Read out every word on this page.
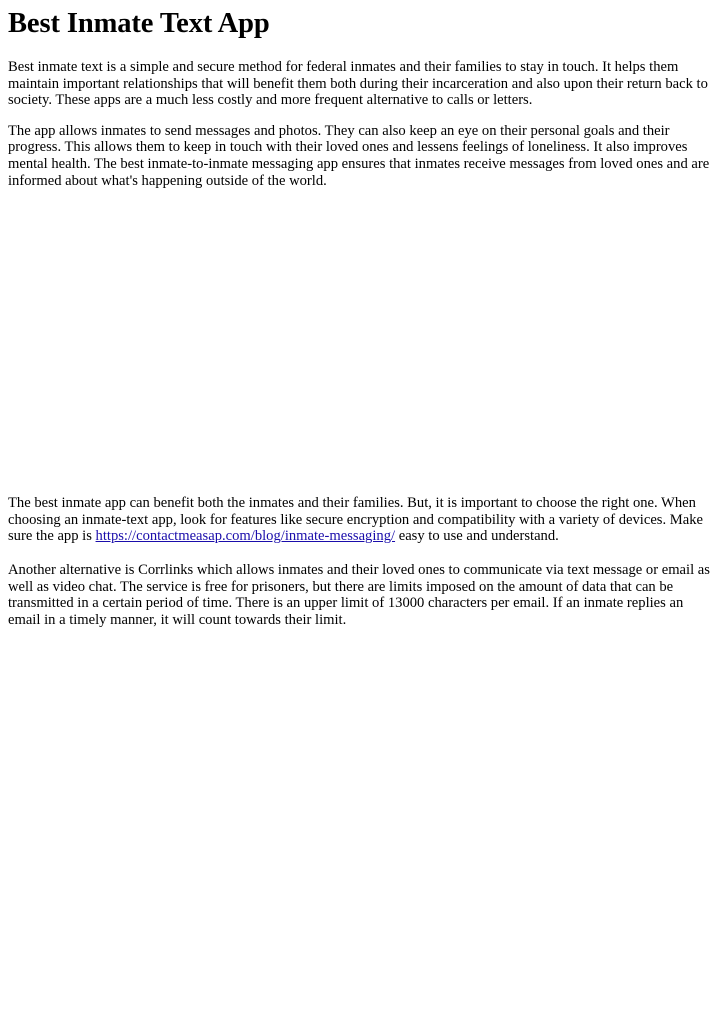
Best Inmate Text App

Best inmate text is a simple and secure method for federal inmates and their families to stay in touch. It helps them maintain important relationships that will benefit them both during their incarceration and also upon their return back to society. These apps are a much less costly and more frequent alternative to calls or letters.

The app allows inmates to send messages and photos. They can also keep an eye on their personal goals and their progress. This allows them to keep in touch with their loved ones and lessens feelings of loneliness. It also improves mental health. The best inmate-to-inmate messaging app ensures that inmates receive messages from loved ones and are informed about what's happening outside of the world.

The best inmate app can benefit both the inmates and their families. But, it is important to choose the right one. When choosing an inmate-text app, look for features like secure encryption and compatibility with a variety of devices. Make sure the app is https://contactmeasap.com/blog/inmate-messaging/ easy to use and understand.

Another alternative is Corrlinks which allows inmates and their loved ones to communicate via text message or email as well as video chat. The service is free for prisoners, but there are limits imposed on the amount of data that can be transmitted in a certain period of time. There is an upper limit of 13000 characters per email. If an inmate replies an email in a timely manner, it will count towards their limit.
